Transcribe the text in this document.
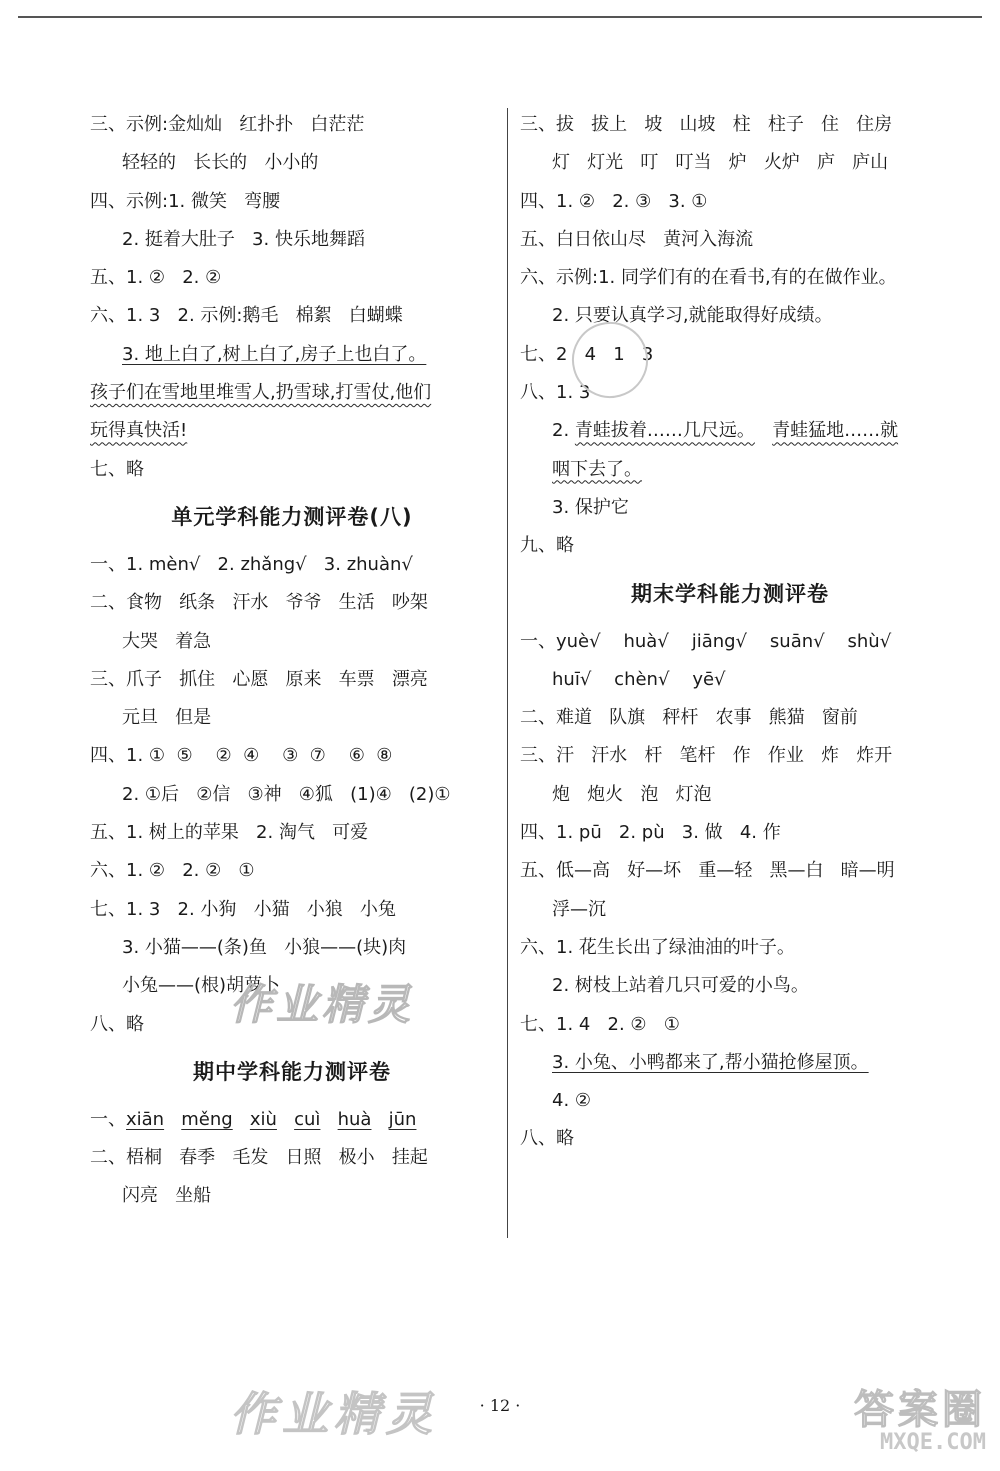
三、示例:金灿灿   红扑扑   白茫茫
轻轻的   长长的   小小的
四、示例:1. 微笑   弯腰
2. 挺着大肚子   3. 快乐地舞蹈
五、1. ②   2. ②
六、1. 3   2. 示例:鹅毛   棉絮   白蝴蝶
3. 地上白了,树上白了,房子上也白了。
孩子们在雪地里堆雪人,扔雪球,打雪仗,他们
玩得真快活!
七、略
单元学科能力测评卷(八)
一、1. mèn√   2. zhǎng√   3. zhuàn√
二、食物   纸条   汗水   爷爷   生活   吵架
大哭   着急
三、爪子   抓住   心愿   原来   车票   漂亮
元旦   但是
四、1. ①  ⑤    ②  ④    ③  ⑦    ⑥  ⑧
2. ①后   ②信   ③神   ④狐   (1)④   (2)①
五、1. 树上的苹果   2. 淘气   可爱
六、1. ②   2. ②   ①
七、1. 3   2. 小狗   小猫   小狼   小兔
3. 小猫——(条)鱼   小狼——(块)肉
小兔——(根)胡萝卜
八、略
期中学科能力测评卷
一、xiān měng xiù cuì huà jūn
二、梧桐   春季   毛发   日照   极小   挂起
闪亮   坐船
三、拔   拔上   坡   山坡   柱   柱子   住   住房
灯   灯光   叮   叮当   炉   火炉   庐   庐山
四、1. ②   2. ③   3. ①
五、白日依山尽   黄河入海流
六、示例:1. 同学们有的在看书,有的在做作业。
2. 只要认真学习,就能取得好成绩。
七、2   4   1   3
八、1. 3
2. 青蛙拔着……几尺远。 青蛙猛地……就
咽下去了。
3. 保护它
九、略
期末学科能力测评卷
一、yuè√    huà√    jiāng√    suān√    shù√
huī√    chèn√    yē√
二、难道   队旗   秤杆   农事   熊猫   窗前
三、汗   汗水   杆   笔杆   作   作业   炸   炸开
炮   炮火   泡   灯泡
四、1. pū   2. pù   3. 做   4. 作
五、低—高   好—坏   重—轻   黑—白   暗—明
浮—沉
六、1. 花生长出了绿油油的叶子。
2. 树枝上站着几只可爱的小鸟。
七、1. 4   2. ②   ①
3. 小兔、小鸭都来了,帮小猫抢修屋顶。
4. ②
八、略
作业精灵
作业精灵	· 12 ·	答案圈
MXQE.COM
